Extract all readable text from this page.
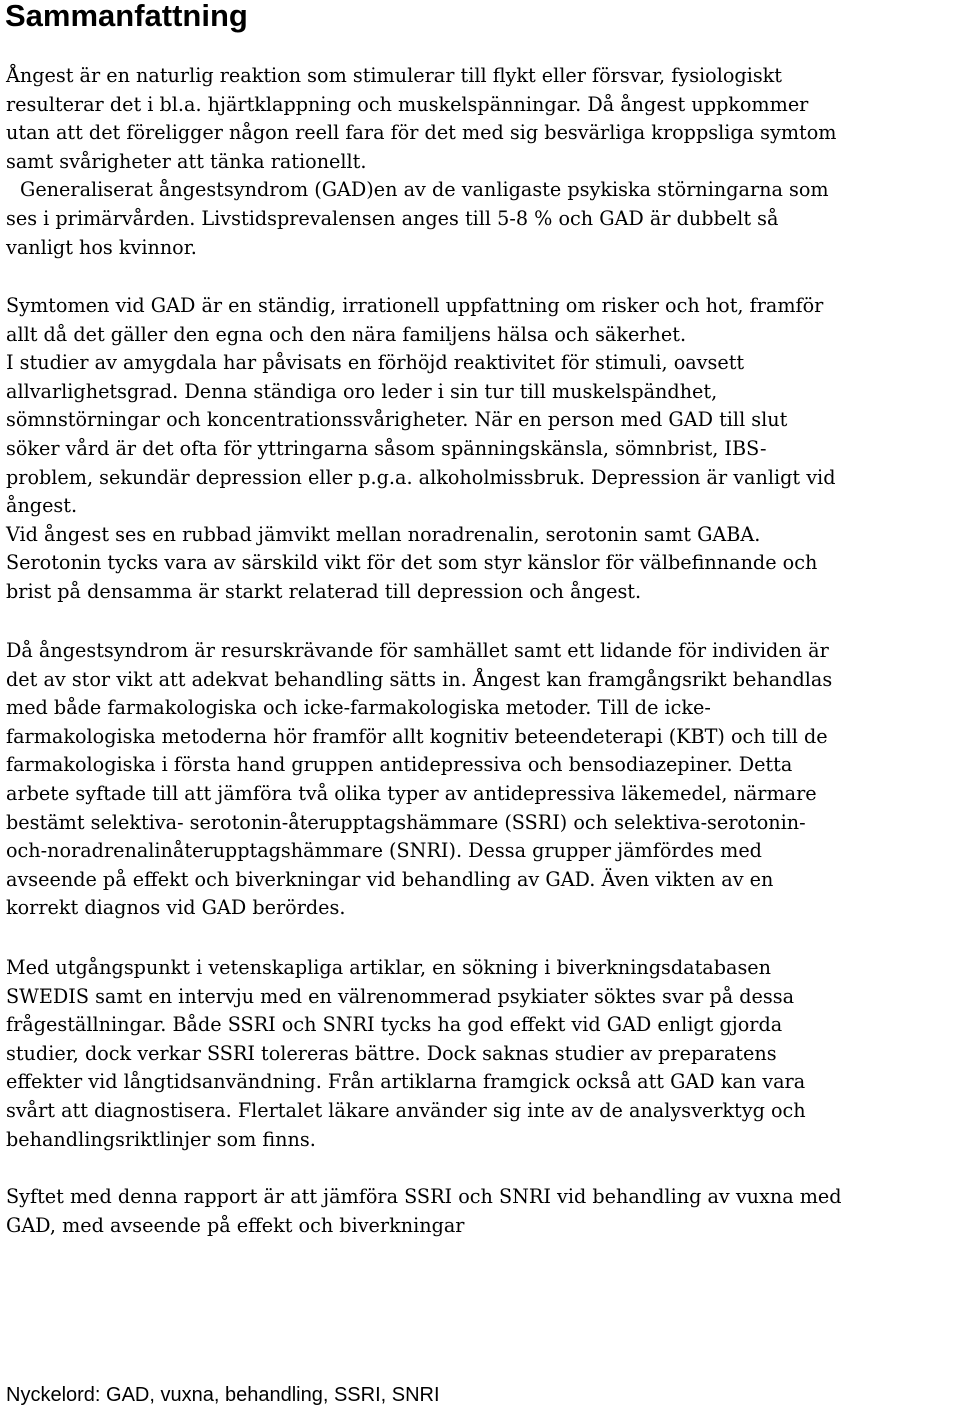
Sammanfattning
Ångest är en naturlig reaktion som stimulerar till flykt eller försvar, fysiologiskt
resulterar det i bl.a. hjärtklappning och muskelspänningar. Då ångest uppkommer
utan att det föreligger någon reell fara för det med sig besvärliga kroppsliga symtom
samt svårigheter att tänka rationellt.
Generaliserat ångestsyndrom (GAD)en av de vanligaste psykiska störningarna som
ses i primärvården. Livstidsprevalensen anges till 5-8 % och GAD är dubbelt så
vanligt hos kvinnor.
Symtomen vid GAD är en ständig, irrationell uppfattning om risker och hot, framför
allt då det gäller den egna och den nära familjens hälsa och säkerhet.
I studier av amygdala har påvisats en förhöjd reaktivitet för stimuli, oavsett
allvarlighetsgrad. Denna ständiga oro leder i sin tur till muskelspändhet,
sömnstörningar och koncentrationssvårigheter. När en person med GAD till slut
söker vård är det ofta för yttringarna såsom spänningskänsla, sömnbrist, IBS-
problem, sekundär depression eller p.g.a. alkoholmissbruk. Depression är vanligt vid
ångest.
Vid ångest ses en rubbad jämvikt mellan noradrenalin, serotonin samt GABA.
Serotonin tycks vara av särskild vikt för det som styr känslor för välbefinnande och
brist på densamma är starkt relaterad till depression och ångest.
Då ångestsyndrom är resurskrävande för samhället samt ett lidande för individen är
det av stor vikt att adekvat behandling sätts in. Ångest kan framgångsrikt behandlas
med både farmakologiska och icke-farmakologiska metoder. Till de icke-
farmakologiska metoderna hör framför allt kognitiv beteendeterapi (KBT) och till de
farmakologiska i första hand gruppen antidepressiva och bensodiazepiner. Detta
arbete syftade till att jämföra två olika typer av antidepressiva läkemedel, närmare
bestämt selektiva- serotonin-återupptagshämmare (SSRI) och selektiva-serotonin-
och-noradrenalinåterupptagshämmare (SNRI). Dessa grupper jämfördes med
avseende på effekt och biverkningar vid behandling av GAD. Även vikten av en
korrekt diagnos vid GAD berördes.
Med utgångspunkt i vetenskapliga artiklar, en sökning i biverkningsdatabasen
SWEDIS samt en intervju med en välrenommerad psykiater söktes svar på dessa
frågeställningar. Både SSRI och SNRI tycks ha god effekt vid GAD enligt gjorda
studier, dock verkar SSRI tolereras bättre. Dock saknas studier av preparatens
effekter vid långtidsanvändning. Från artiklarna framgick också att GAD kan vara
svårt att diagnostisera. Flertalet läkare använder sig inte av de analysverktyg och
behandlingsriktlinjer som finns.
Syftet med denna rapport är att jämföra SSRI och SNRI vid behandling av vuxna med
GAD, med avseende på effekt och biverkningar

Nyckelord: GAD, vuxna, behandling, SSRI, SNRI
